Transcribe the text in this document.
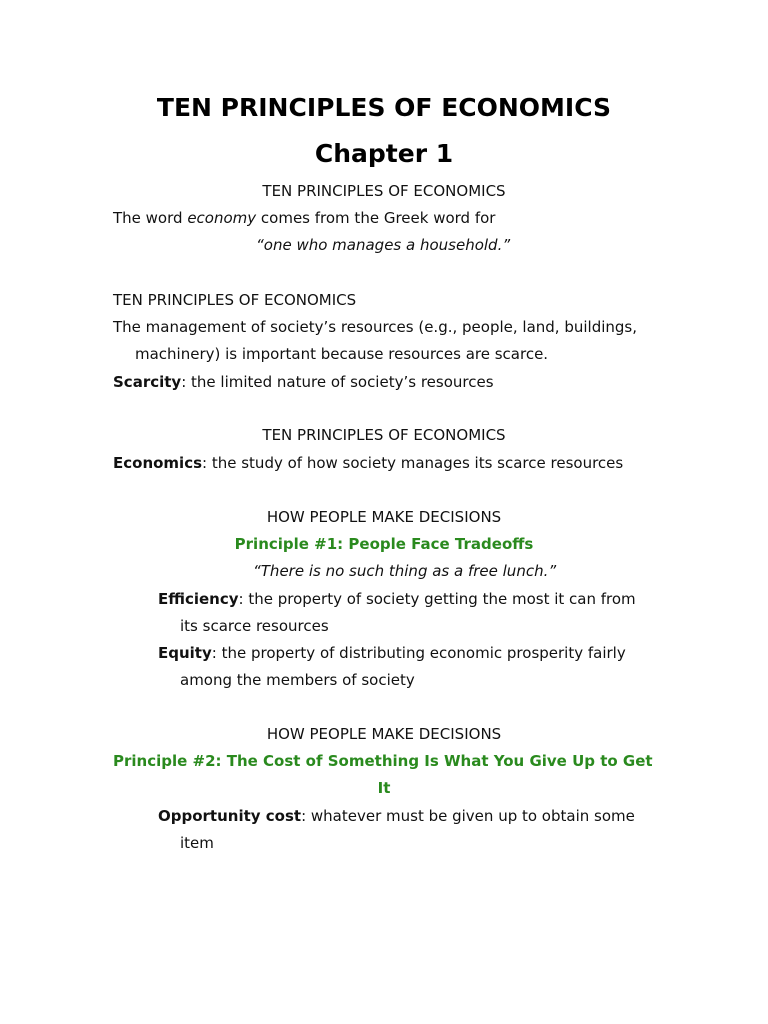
TEN PRINCIPLES OF ECONOMICS
Chapter 1
TEN PRINCIPLES OF ECONOMICS
The word economy comes from the Greek word for
“one who manages a household.”
TEN PRINCIPLES OF ECONOMICS
The management of society’s resources (e.g., people, land, buildings,
machinery) is important because resources are scarce.
Scarcity: the limited nature of society’s resources
TEN PRINCIPLES OF ECONOMICS
Economics: the study of how society manages its scarce resources
HOW PEOPLE MAKE DECISIONS
Principle #1: People Face Tradeoffs
“There is no such thing as a free lunch.”
Efficiency: the property of society getting the most it can from
its scarce resources
Equity: the property of distributing economic prosperity fairly
among the members of society
HOW PEOPLE MAKE DECISIONS
Principle #2: The Cost of Something Is What You Give Up to Get
It
Opportunity cost: whatever must be given up to obtain some
item
